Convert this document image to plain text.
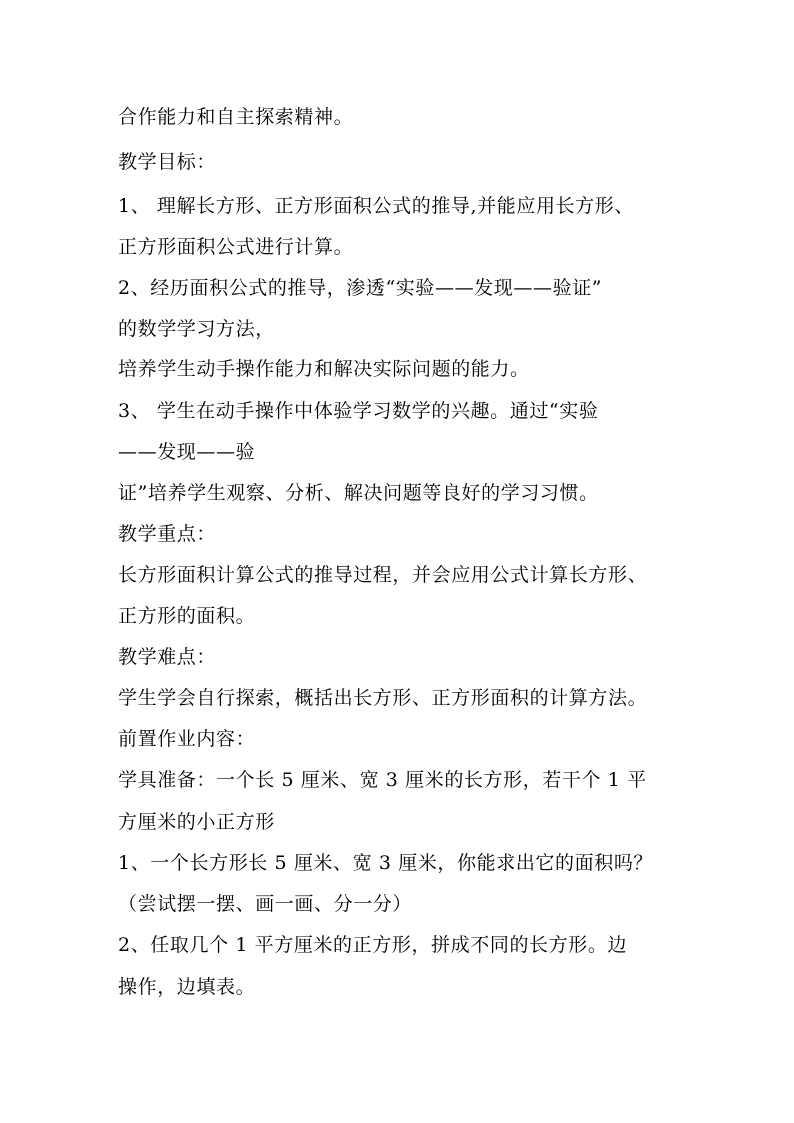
合作能力和自主探索精神。
教学目标：
1、 理解长方形、正方形面积公式的推导,并能应用长方形、
正方形面积公式进行计算。
2、经历面积公式的推导，渗透“实验——发现——验证”
的数学学习方法，
培养学生动手操作能力和解决实际问题的能力。
3、 学生在动手操作中体验学习数学的兴趣。通过“实验
——发现——验
证”培养学生观察、分析、解决问题等良好的学习习惯。
教学重点：
长方形面积计算公式的推导过程，并会应用公式计算长方形、
正方形的面积。
教学难点：
学生学会自行探索，概括出长方形、正方形面积的计算方法。
前置作业内容：
学具准备：一个长 5 厘米、宽 3 厘米的长方形，若干个 1 平
方厘米的小正方形
1、一个长方形长 5 厘米、宽 3 厘米，你能求出它的面积吗？
（尝试摆一摆、画一画、分一分）
2、任取几个 1 平方厘米的正方形，拼成不同的长方形。边
操作，边填表。
